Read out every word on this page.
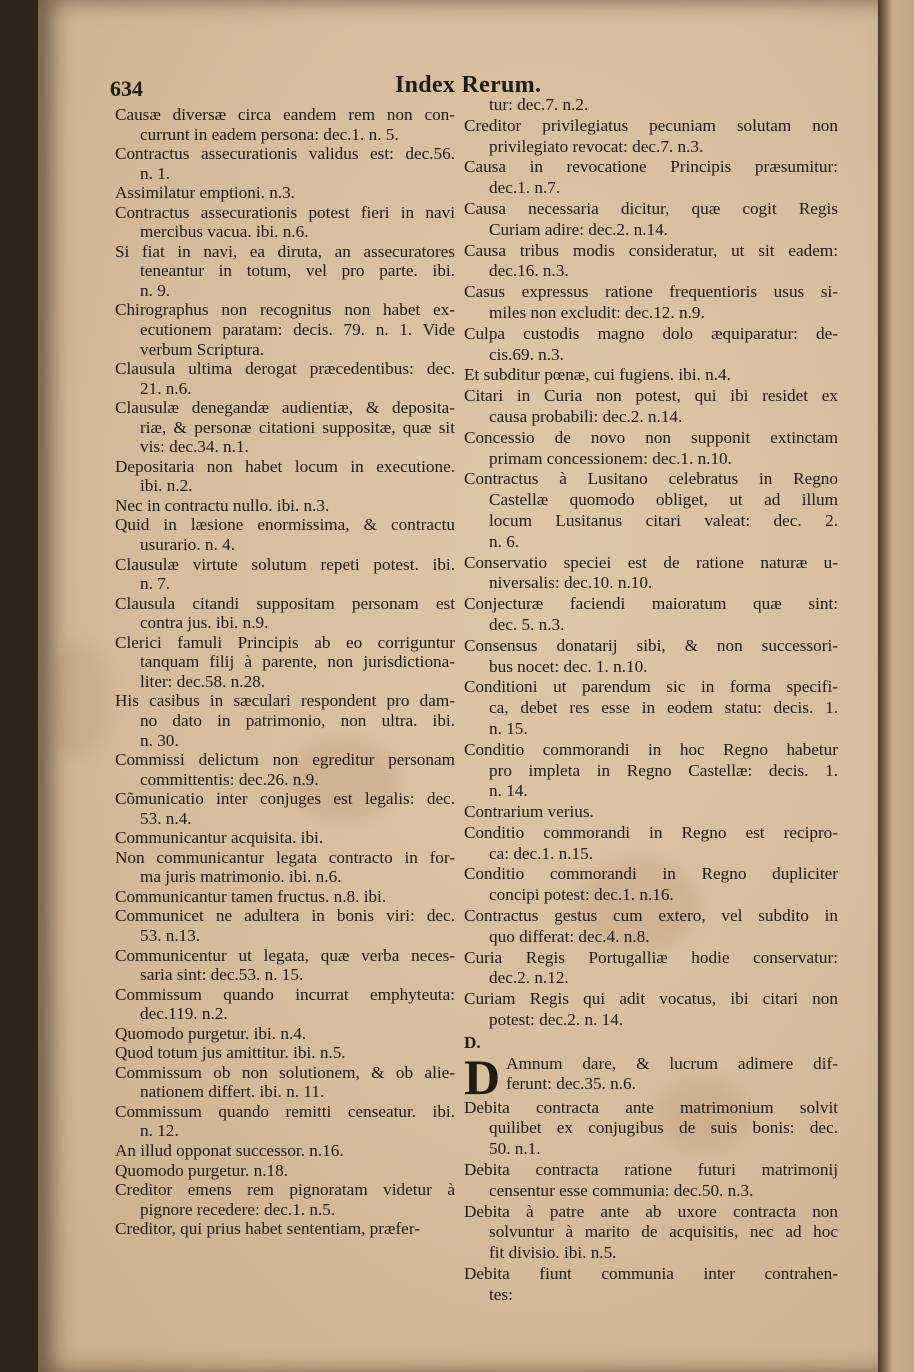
634	Index Rerum.
Causæ diversæ circa eandem rem non con-
currunt in eadem persona: dec.1. n. 5.
Contractus assecurationis validus est: dec.56.
n. 1.
Assimilatur emptioni. n.3.
Contractus assecurationis potest fieri in navi
mercibus vacua. ibi. n.6.
Si fiat in navi, ea diruta, an assecuratores
teneantur in totum, vel pro parte. ibi.
n. 9.
Chirographus non recognitus non habet ex-
ecutionem paratam: decis. 79. n. 1. Vide
verbum Scriptura.
Clausula ultima derogat præcedentibus: dec.
21. n.6.
Clausulæ denegandæ audientiæ, & deposita-
riæ, & personæ citationi suppositæ, quæ sit
vis: dec.34. n.1.
Depositaria non habet locum in executione.
ibi. n.2.
Nec in contractu nullo. ibi. n.3.
Quid in læsione enormissima, & contractu
usurario. n. 4.
Clausulæ virtute solutum repeti potest. ibi.
n. 7.
Clausula citandi suppositam personam est
contra jus. ibi. n.9.
Clerici famuli Principis ab eo corriguntur
tanquam filij à parente, non jurisdictiona-
liter: dec.58. n.28.
His casibus in sæculari respondent pro dam-
no dato in patrimonio, non ultra. ibi.
n. 30.
Commissi delictum non egreditur personam
committentis: dec.26. n.9.
Cõmunicatio inter conjuges est legalis: dec.
53. n.4.
Communicantur acquisita. ibi.
Non communicantur legata contracto in for-
ma juris matrimonio. ibi. n.6.
Communicantur tamen fructus. n.8. ibi.
Communicet ne adultera in bonis viri: dec.
53. n.13.
Communicentur ut legata, quæ verba neces-
saria sint: dec.53. n. 15.
Commissum quando incurrat emphyteuta:
dec.119. n.2.
Quomodo purgetur. ibi. n.4.
Quod totum jus amittitur. ibi. n.5.
Commissum ob non solutionem, & ob alie-
nationem differt. ibi. n. 11.
Commissum quando remitti censeatur. ibi.
n. 12.
An illud opponat successor. n.16.
Quomodo purgetur. n.18.
Creditor emens rem pignoratam videtur à
pignore recedere: dec.1. n.5.
Creditor, qui prius habet sententiam, præfer-
tur: dec.7. n.2.
Creditor privilegiatus pecuniam solutam non
privilegiato revocat: dec.7. n.3.
Causa in revocatione Principis præsumitur:
dec.1. n.7.
Causa necessaria dicitur, quæ cogit Regis
Curiam adire: dec.2. n.14.
Causa tribus modis consideratur, ut sit eadem:
dec.16. n.3.
Casus expressus ratione frequentioris usus si-
miles non excludit: dec.12. n.9.
Culpa custodis magno dolo æquiparatur: de-
cis.69. n.3.
Et subditur pœnæ, cui fugiens. ibi. n.4.
Citari in Curia non potest, qui ibi residet ex
causa probabili: dec.2. n.14.
Concessio de novo non supponit extinctam
primam concessionem: dec.1. n.10.
Contractus à Lusitano celebratus in Regno
Castellæ quomodo obliget, ut ad illum
locum Lusitanus citari valeat: dec. 2.
n. 6.
Conservatio speciei est de ratione naturæ u-
niversalis: dec.10. n.10.
Conjecturæ faciendi maioratum quæ sint:
dec. 5. n.3.
Consensus donatarij sibi, & non successori-
bus nocet: dec. 1. n.10.
Conditioni ut parendum sic in forma specifi-
ca, debet res esse in eodem statu: decis. 1.
n. 15.
Conditio commorandi in hoc Regno habetur
pro impleta in Regno Castellæ: decis. 1.
n. 14.
Contrarium verius.
Conditio commorandi in Regno est recipro-
ca: dec.1. n.15.
Conditio commorandi in Regno dupliciter
concipi potest: dec.1. n.16.
Contractus gestus cum extero, vel subdito in
quo differat: dec.4. n.8.
Curia Regis Portugalliæ hodie conservatur:
dec.2. n.12.
Curiam Regis qui adit vocatus, ibi citari non
potest: dec.2. n. 14.
D.
D Amnum dare, & lucrum adimere dif-
ferunt: dec.35. n.6.
Debita contracta ante matrimonium solvit
quilibet ex conjugibus de suis bonis: dec.
50. n.1.
Debita contracta ratione futuri matrimonij
censentur esse communia: dec.50. n.3.
Debita à patre ante ab uxore contracta non
solvuntur à marito de acquisitis, nec ad hoc
fit divisio. ibi. n.5.
Debita fiunt communia inter contrahen-
tes:
